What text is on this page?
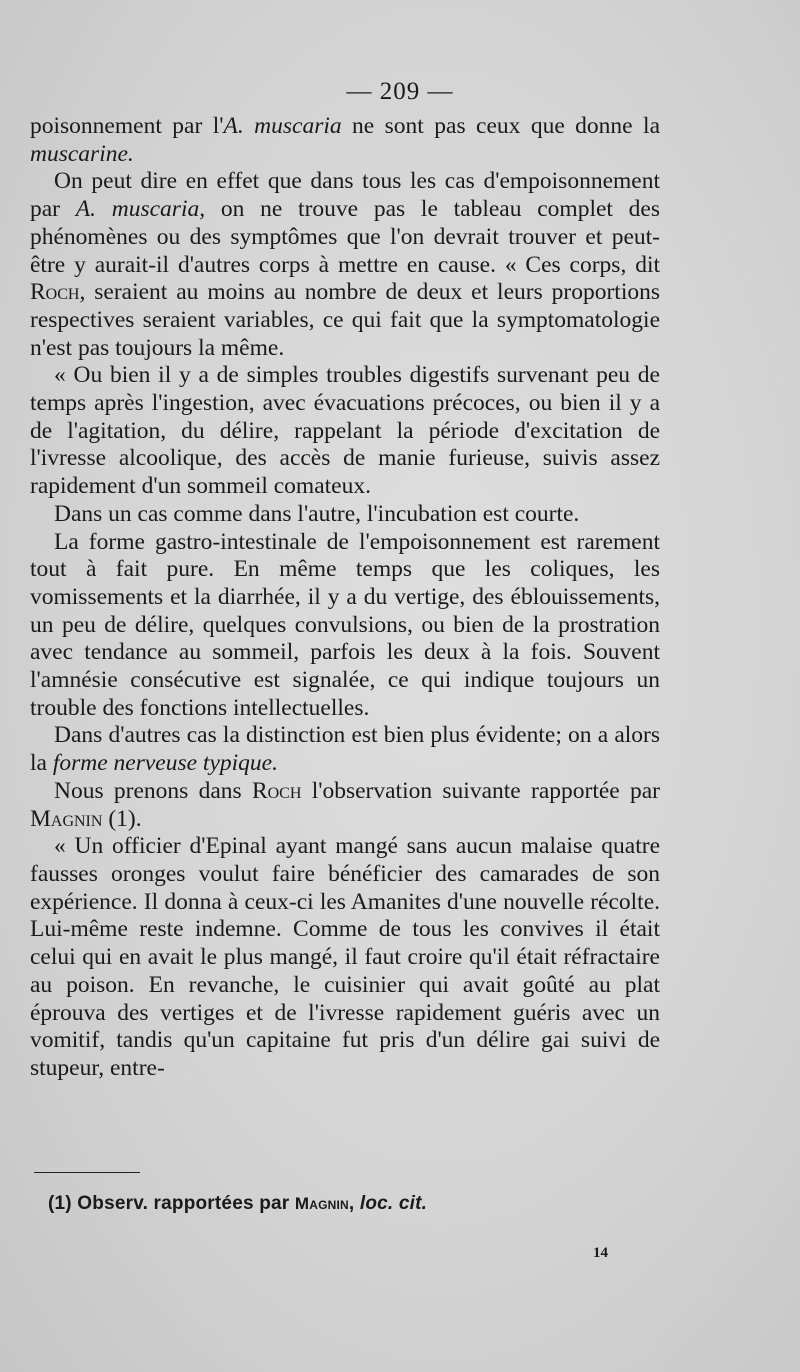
— 209 —

poisonnement par l'A. muscaria ne sont pas ceux que donne la muscarine.

On peut dire en effet que dans tous les cas d'empoisonnement par A. muscaria, on ne trouve pas le tableau complet des phénomènes ou des symptômes que l'on devrait trouver et peut-être y aurait-il d'autres corps à mettre en cause. « Ces corps, dit Roch, seraient au moins au nombre de deux et leurs proportions respectives seraient variables, ce qui fait que la symptomatologie n'est pas toujours la même.

« Ou bien il y a de simples troubles digestifs survenant peu de temps après l'ingestion, avec évacuations précoces, ou bien il y a de l'agitation, du délire, rappelant la période d'excitation de l'ivresse alcoolique, des accès de manie furieuse, suivis assez rapidement d'un sommeil comateux.

Dans un cas comme dans l'autre, l'incubation est courte.

La forme gastro-intestinale de l'empoisonnement est rarement tout à fait pure. En même temps que les coliques, les vomissements et la diarrhée, il y a du vertige, des éblouissements, un peu de délire, quelques convulsions, ou bien de la prostration avec tendance au sommeil, parfois les deux à la fois. Souvent l'amnésie consécutive est signalée, ce qui indique toujours un trouble des fonctions intellectuelles.

Dans d'autres cas la distinction est bien plus évidente; on a alors la forme nerveuse typique.

Nous prenons dans Roch l'observation suivante rapportée par Magnin (1).

« Un officier d'Epinal ayant mangé sans aucun malaise quatre fausses oronges voulut faire bénéficier des camarades de son expérience. Il donna à ceux-ci les Amanites d'une nouvelle récolte. Lui-même reste indemne. Comme de tous les convives il était celui qui en avait le plus mangé, il faut croire qu'il était réfractaire au poison. En revanche, le cuisinier qui avait goûté au plat éprouva des vertiges et de l'ivresse rapidement guéris avec un vomitif, tandis qu'un capitaine fut pris d'un délire gai suivi de stupeur, entre-

(1) Observ. rapportées par Magnin, loc. cit.
14
